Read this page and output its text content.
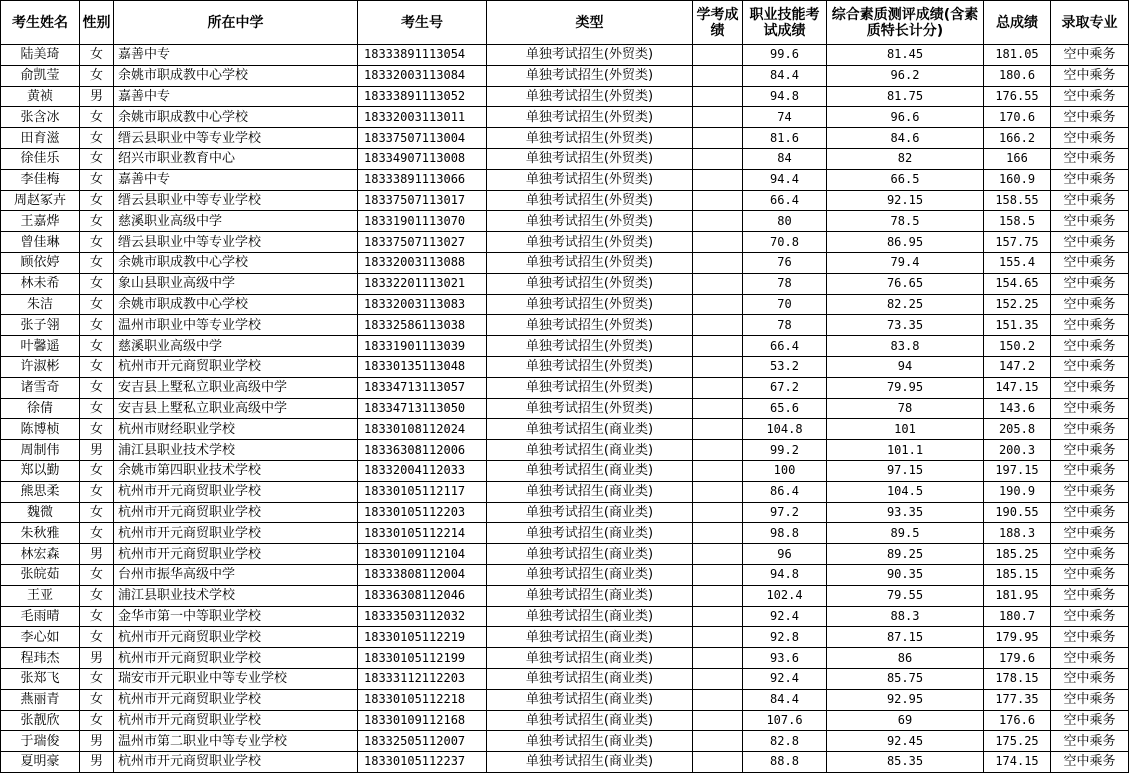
考生姓名	性别	所在中学	考生号	类型	学考成绩	职业技能考试成绩	综合素质测评成绩(含素质特长计分)	总成绩	录取专业
陆美琦	女	嘉善中专	18333891113054	单独考试招生(外贸类)		99.6	81.45	181.05	空中乘务
俞凯莹	女	余姚市职成教中心学校	18332003113084	单独考试招生(外贸类)		84.4	96.2	180.6	空中乘务
黄祯	男	嘉善中专	18333891113052	单独考试招生(外贸类)		94.8	81.75	176.55	空中乘务
张含冰	女	余姚市职成教中心学校	18332003113011	单独考试招生(外贸类)		74	96.6	170.6	空中乘务
田育滋	女	缙云县职业中等专业学校	18337507113004	单独考试招生(外贸类)		81.6	84.6	166.2	空中乘务
徐佳乐	女	绍兴市职业教育中心	18334907113008	单独考试招生(外贸类)		84	82	166	空中乘务
李佳梅	女	嘉善中专	18333891113066	单独考试招生(外贸类)		94.4	66.5	160.9	空中乘务
周赵冢卉	女	缙云县职业中等专业学校	18337507113017	单独考试招生(外贸类)		66.4	92.15	158.55	空中乘务
王嘉烨	女	慈溪职业高级中学	18331901113070	单独考试招生(外贸类)		80	78.5	158.5	空中乘务
曾佳琳	女	缙云县职业中等专业学校	18337507113027	单独考试招生(外贸类)		70.8	86.95	157.75	空中乘务
顾依婷	女	余姚市职成教中心学校	18332003113088	单独考试招生(外贸类)		76	79.4	155.4	空中乘务
林未希	女	象山县职业高级中学	18332201113021	单独考试招生(外贸类)		78	76.65	154.65	空中乘务
朱洁	女	余姚市职成教中心学校	18332003113083	单独考试招生(外贸类)		70	82.25	152.25	空中乘务
张子翎	女	温州市职业中等专业学校	18332586113038	单独考试招生(外贸类)		78	73.35	151.35	空中乘务
叶馨遥	女	慈溪职业高级中学	18331901113039	单独考试招生(外贸类)		66.4	83.8	150.2	空中乘务
许淑彬	女	杭州市开元商贸职业学校	18330135113048	单独考试招生(外贸类)		53.2	94	147.2	空中乘务
诸雪奇	女	安吉县上墅私立职业高级中学	18334713113057	单独考试招生(外贸类)		67.2	79.95	147.15	空中乘务
徐倩	女	安吉县上墅私立职业高级中学	18334713113050	单独考试招生(外贸类)		65.6	78	143.6	空中乘务
陈博桢	女	杭州市财经职业学校	18330108112024	单独考试招生(商业类)		104.8	101	205.8	空中乘务
周制伟	男	浦江县职业技术学校	18336308112006	单独考试招生(商业类)		99.2	101.1	200.3	空中乘务
郑以勤	女	余姚市第四职业技术学校	18332004112033	单独考试招生(商业类)		100	97.15	197.15	空中乘务
熊思柔	女	杭州市开元商贸职业学校	18330105112117	单独考试招生(商业类)		86.4	104.5	190.9	空中乘务
魏微	女	杭州市开元商贸职业学校	18330105112203	单独考试招生(商业类)		97.2	93.35	190.55	空中乘务
朱秋雅	女	杭州市开元商贸职业学校	18330105112214	单独考试招生(商业类)		98.8	89.5	188.3	空中乘务
林宏森	男	杭州市开元商贸职业学校	18330109112104	单独考试招生(商业类)		96	89.25	185.25	空中乘务
张皖茹	女	台州市振华高级中学	18333808112004	单独考试招生(商业类)		94.8	90.35	185.15	空中乘务
王亚	女	浦江县职业技术学校	18336308112046	单独考试招生(商业类)		102.4	79.55	181.95	空中乘务
毛雨晴	女	金华市第一中等职业学校	18333503112032	单独考试招生(商业类)		92.4	88.3	180.7	空中乘务
李心如	女	杭州市开元商贸职业学校	18330105112219	单独考试招生(商业类)		92.8	87.15	179.95	空中乘务
程玮杰	男	杭州市开元商贸职业学校	18330105112199	单独考试招生(商业类)		93.6	86	179.6	空中乘务
张郑飞	女	瑞安市开元职业中等专业学校	18333112112203	单独考试招生(商业类)		92.4	85.75	178.15	空中乘务
燕丽青	女	杭州市开元商贸职业学校	18330105112218	单独考试招生(商业类)		84.4	92.95	177.35	空中乘务
张靓欣	女	杭州市开元商贸职业学校	18330109112168	单独考试招生(商业类)		107.6	69	176.6	空中乘务
于瑞俊	男	温州市第二职业中等专业学校	18332505112007	单独考试招生(商业类)		82.8	92.45	175.25	空中乘务
夏明豪	男	杭州市开元商贸职业学校	18330105112237	单独考试招生(商业类)		88.8	85.35	174.15	空中乘务
